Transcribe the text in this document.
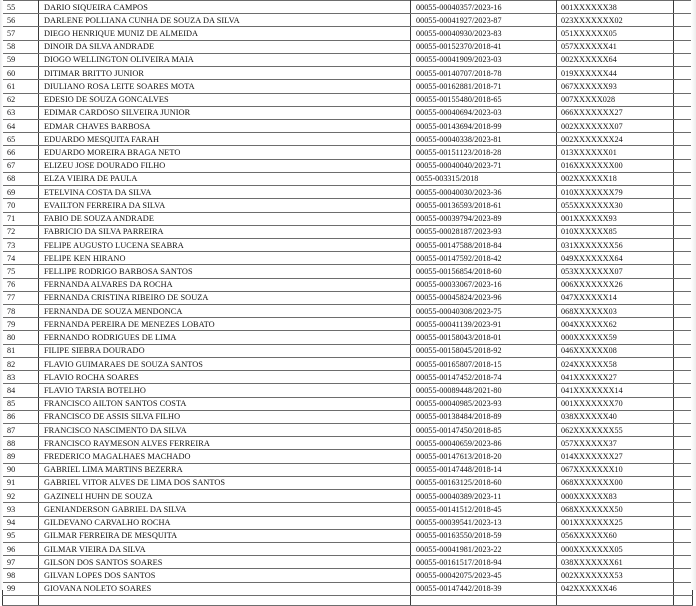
55	DARIO SIQUEIRA CAMPOS	00055-00040357/2023-16	001XXXXXX38	
56	DARLENE POLLIANA CUNHA DE SOUZA DA SILVA	00055-00041927/2023-87	023XXXXXXX02	
57	DIEGO HENRIQUE MUNIZ DE ALMEIDA	00055-00040930/2023-83	051XXXXXX05	
58	DINOIR DA SILVA ANDRADE	00055-00152370/2018-41	057XXXXXX41	
59	DIOGO WELLINGTON OLIVEIRA MAIA	00055-00041909/2023-03	002XXXXXX64	
60	DITIMAR BRITTO JUNIOR	00055-00140707/2018-78	019XXXXXX44	
61	DIULIANO ROSA LEITE SOARES MOTA	00055-00162881/2018-71	067XXXXXX93	
62	EDESIO DE SOUZA GONCALVES	00055-00155480/2018-65	007XXXXX028	
63	EDIMAR CARDOSO SILVEIRA JUNIOR	00055-00040694/2023-03	066XXXXXXX27	
64	EDMAR CHAVES BARBOSA	00055-00143694/2018-99	002XXXXXXX07	
65	EDUARDO MESQUITA FARAH	00055-00040338/2023-81	002XXXXXXX24	
66	EDUARDO MOREIRA BRAGA NETO	00055-00151123/2018-28	013XXXXXX01	
67	ELIZEU JOSE DOURADO FILHO	00055-00040040/2023-71	016XXXXXXX00	
68	ELZA VIEIRA DE PAULA	0055-003315/2018	002XXXXXX18	
69	ETELVINA COSTA DA SILVA	00055-00040030/2023-36	010XXXXXXX79	
70	EVAILTON FERREIRA DA SILVA	00055-00136593/2018-61	055XXXXXXX30	
71	FABIO DE SOUZA ANDRADE	00055-00039794/2023-89	001XXXXXX93	
72	FABRICIO DA SILVA PARREIRA	00055-00028187/2023-93	010XXXXXX85	
73	FELIPE AUGUSTO LUCENA SEABRA	00055-00147588/2018-84	031XXXXXXX56	
74	FELIPE KEN HIRANO	00055-00147592/2018-42	049XXXXXXX64	
75	FELLIPE RODRIGO BARBOSA SANTOS	00055-00156854/2018-60	053XXXXXXX07	
76	FERNANDA ALVARES DA ROCHA	00055-00033067/2023-16	006XXXXXXX26	
77	FERNANDA CRISTINA RIBEIRO DE SOUZA	00055-00045824/2023-96	047XXXXXX14	
78	FERNANDA DE SOUZA MENDONCA	00055-00040308/2023-75	068XXXXXX03	
79	FERNANDA PEREIRA DE MENEZES LOBATO	00055-00041139/2023-91	004XXXXXX62	
80	FERNANDO RODRIGUES DE LIMA	00055-00158043/2018-01	000XXXXXX59	
81	FILIPE SIEBRA DOURADO	00055-00158045/2018-92	046XXXXXX08	
82	FLAVIO GUIMARAES DE SOUZA SANTOS	00055-00165807/2018-15	024XXXXXX58	
83	FLAVIO ROCHA SOARES	00055-00147452/2018-74	041XXXXXX27	
84	FLAVIO TARSIA BOTELHO	00055-00089448/2021-80	041XXXXXXX14	
85	FRANCISCO AILTON SANTOS COSTA	00055-00040985/2023-93	001XXXXXXX70	
86	FRANCISCO DE ASSIS SILVA FILHO	00055-00138484/2018-89	038XXXXXX40	
87	FRANCISCO NASCIMENTO DA SILVA	00055-00147450/2018-85	062XXXXXXX55	
88	FRANCISCO RAYMESON ALVES FERREIRA	00055-00040659/2023-86	057XXXXXX37	
89	FREDERICO MAGALHAES MACHADO	00055-00147613/2018-20	014XXXXXXX27	
90	GABRIEL LIMA MARTINS BEZERRA	00055-00147448/2018-14	067XXXXXXX10	
91	GABRIEL VITOR ALVES DE LIMA DOS SANTOS	00055-00163125/2018-60	068XXXXXXX00	
92	GAZINELI HUHN DE SOUZA	00055-00040389/2023-11	000XXXXXX83	
93	GENIANDERSON GABRIEL DA SILVA	00055-00141512/2018-45	068XXXXXXX50	
94	GILDEVANO CARVALHO ROCHA	00055-00039541/2023-13	001XXXXXXX25	
95	GILMAR FERREIRA DE MESQUITA	00055-00163550/2018-59	056XXXXXX60	
96	GILMAR VIEIRA DA SILVA	00055-00041981/2023-22	000XXXXXXX05	
97	GILSON DOS SANTOS SOARES	00055-00161517/2018-94	038XXXXXXX61	
98	GILVAN LOPES DOS SANTOS	00055-00042075/2023-45	002XXXXXXX53	
99	GIOVANA NOLETO SOARES	00055-00147442/2018-39	042XXXXXX46	
